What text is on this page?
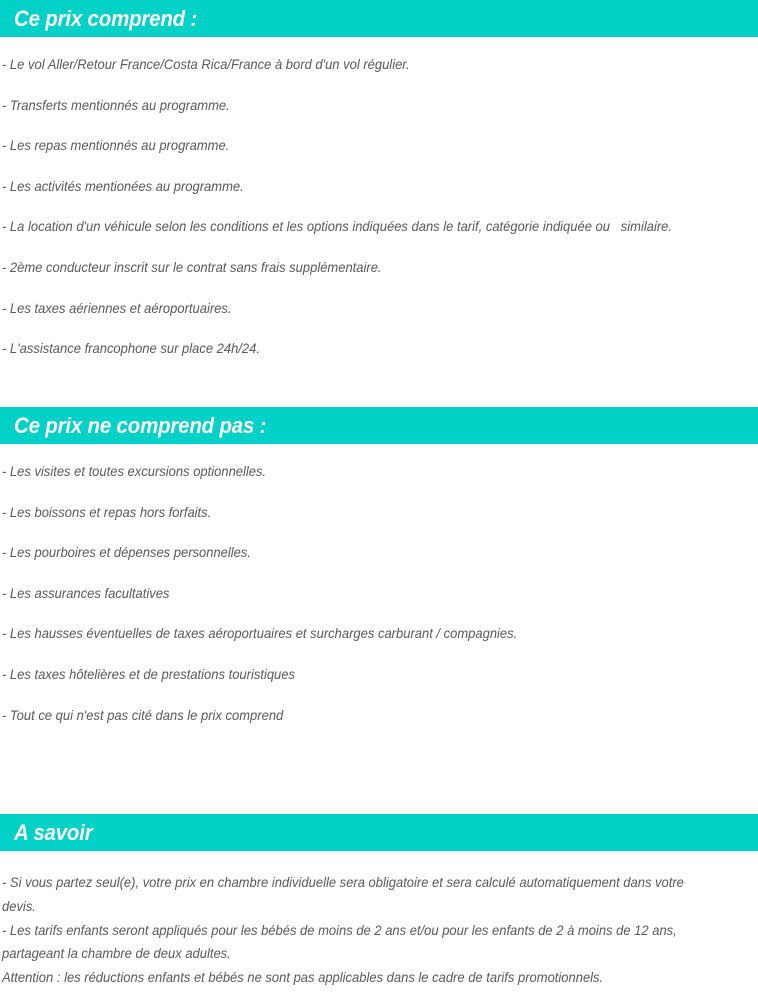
Ce prix comprend :
- Le vol Aller/Retour France/Costa Rica/France à bord d'un vol régulier.
- Transferts mentionnés au programme.
- Les repas mentionnés au programme.
- Les activités mentionées au programme.
- La location d'un véhicule selon les conditions et les options indiquées dans le tarif, catégorie indiquée ou   similaire.
- 2ème conducteur inscrit sur le contrat sans frais supplémentaire.
- Les taxes aériennes et aéroportuaires.
- L'assistance francophone sur place 24h/24.
Ce prix ne comprend pas :
- Les visites et toutes excursions optionnelles.
- Les boissons et repas hors forfaits.
- Les pourboires et dépenses personnelles.
- Les assurances facultatives
- Les hausses éventuelles de taxes aéroportuaires et surcharges carburant / compagnies.
- Les taxes hôtelières et de prestations touristiques
- Tout ce qui n'est pas cité dans le prix comprend
A savoir
- Si vous partez seul(e), votre prix en chambre individuelle sera obligatoire et sera calculé automatiquement dans votre devis.
- Les tarifs enfants seront appliqués pour les bébés de moins de 2 ans et/ou pour les enfants de 2 à moins de 12 ans, partageant la chambre de deux adultes.
Attention : les réductions enfants et bébés ne sont pas applicables dans le cadre de tarifs promotionnels.
